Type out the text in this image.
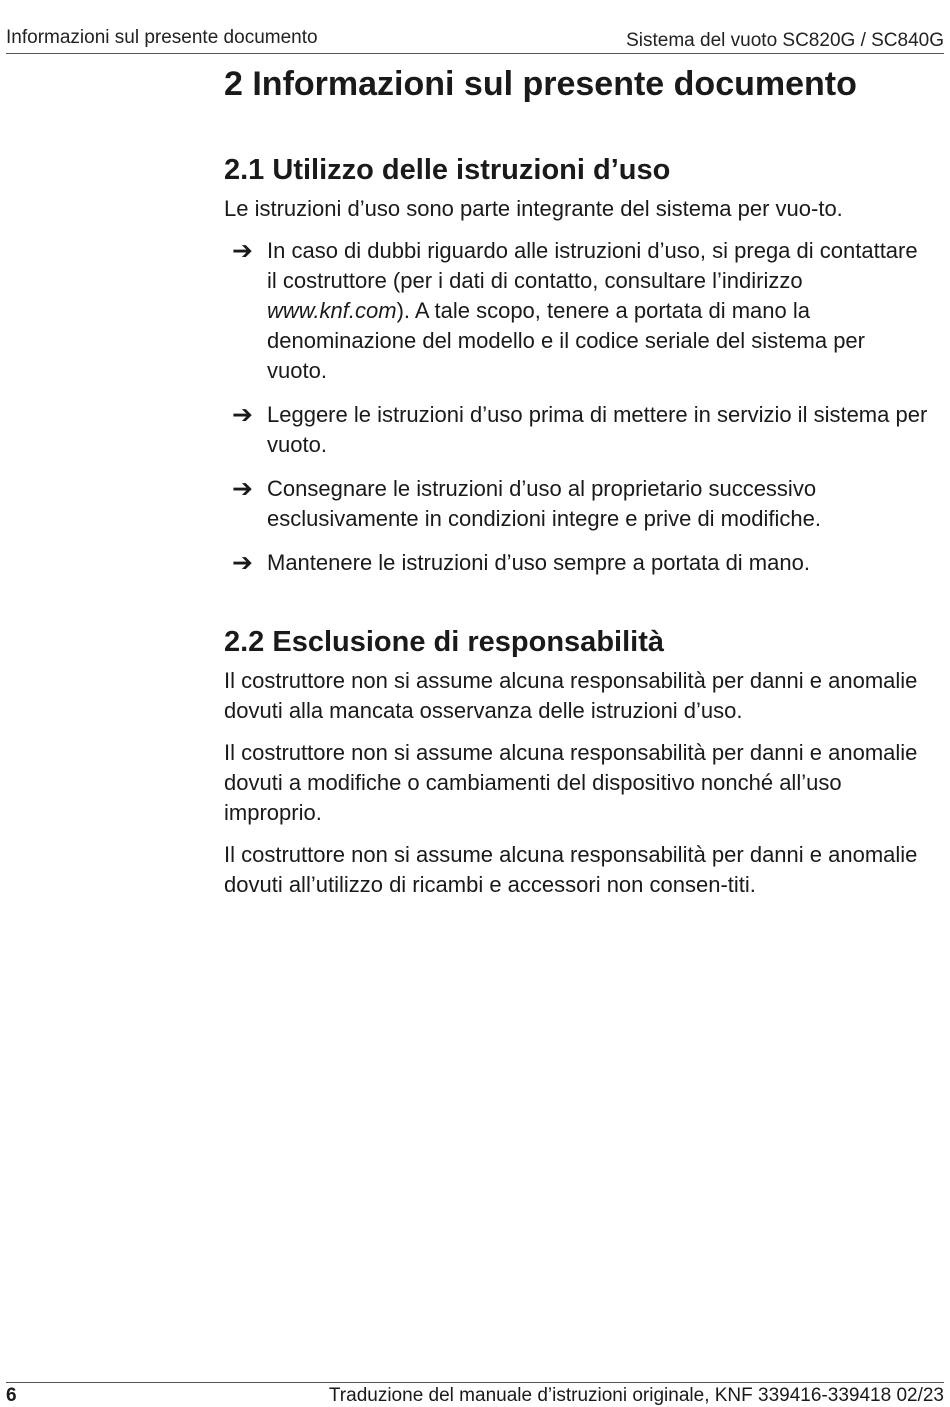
Informazioni sul presente documento	Sistema del vuoto SC820G / SC840G
2 Informazioni sul presente documento
2.1 Utilizzo delle istruzioni d’uso

Le istruzioni d’uso sono parte integrante del sistema per vuo-to.

➔ In caso di dubbi riguardo alle istruzioni d’uso, si prega di contattare il costruttore (per i dati di contatto, consultare l’indirizzo www.knf.com). A tale scopo, tenere a portata di mano la denominazione del modello e il codice seriale del sistema per vuoto.
➔ Leggere le istruzioni d’uso prima di mettere in servizio il sistema per vuoto.
➔ Consegnare le istruzioni d’uso al proprietario successivo esclusivamente in condizioni integre e prive di modifiche.
➔ Mantenere le istruzioni d’uso sempre a portata di mano.
2.2 Esclusione di responsabilità

Il costruttore non si assume alcuna responsabilità per danni e anomalie dovuti alla mancata osservanza delle istruzioni d’uso.

Il costruttore non si assume alcuna responsabilità per danni e anomalie dovuti a modifiche o cambiamenti del dispositivo nonché all’uso improprio.

Il costruttore non si assume alcuna responsabilità per danni e anomalie dovuti all’utilizzo di ricambi e accessori non consen-titi.

6	Traduzione del manuale d’istruzioni originale, KNF 339416-339418 02/23
